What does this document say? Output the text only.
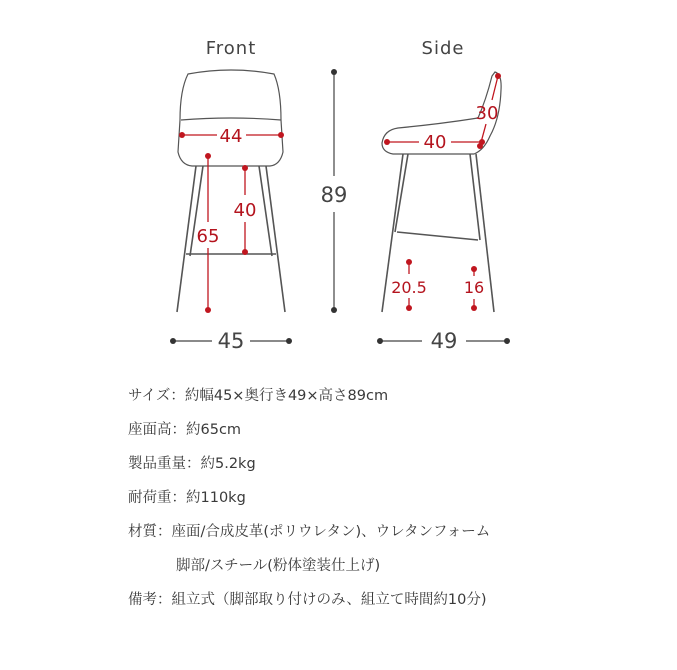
Front
44
65
40
45
89
Side
30
40
20.5 16
49
サイズ：約幅45×奥行き49×高さ89cm
座面高：約65cm
製品重量：約5.2kg
耐荷重：約110kg
材質：座面/合成皮革(ポリウレタン)、ウレタンフォーム
脚部/スチール(粉体塗装仕上げ)
備考：組立式（脚部取り付けのみ、組立て時間約10分)
